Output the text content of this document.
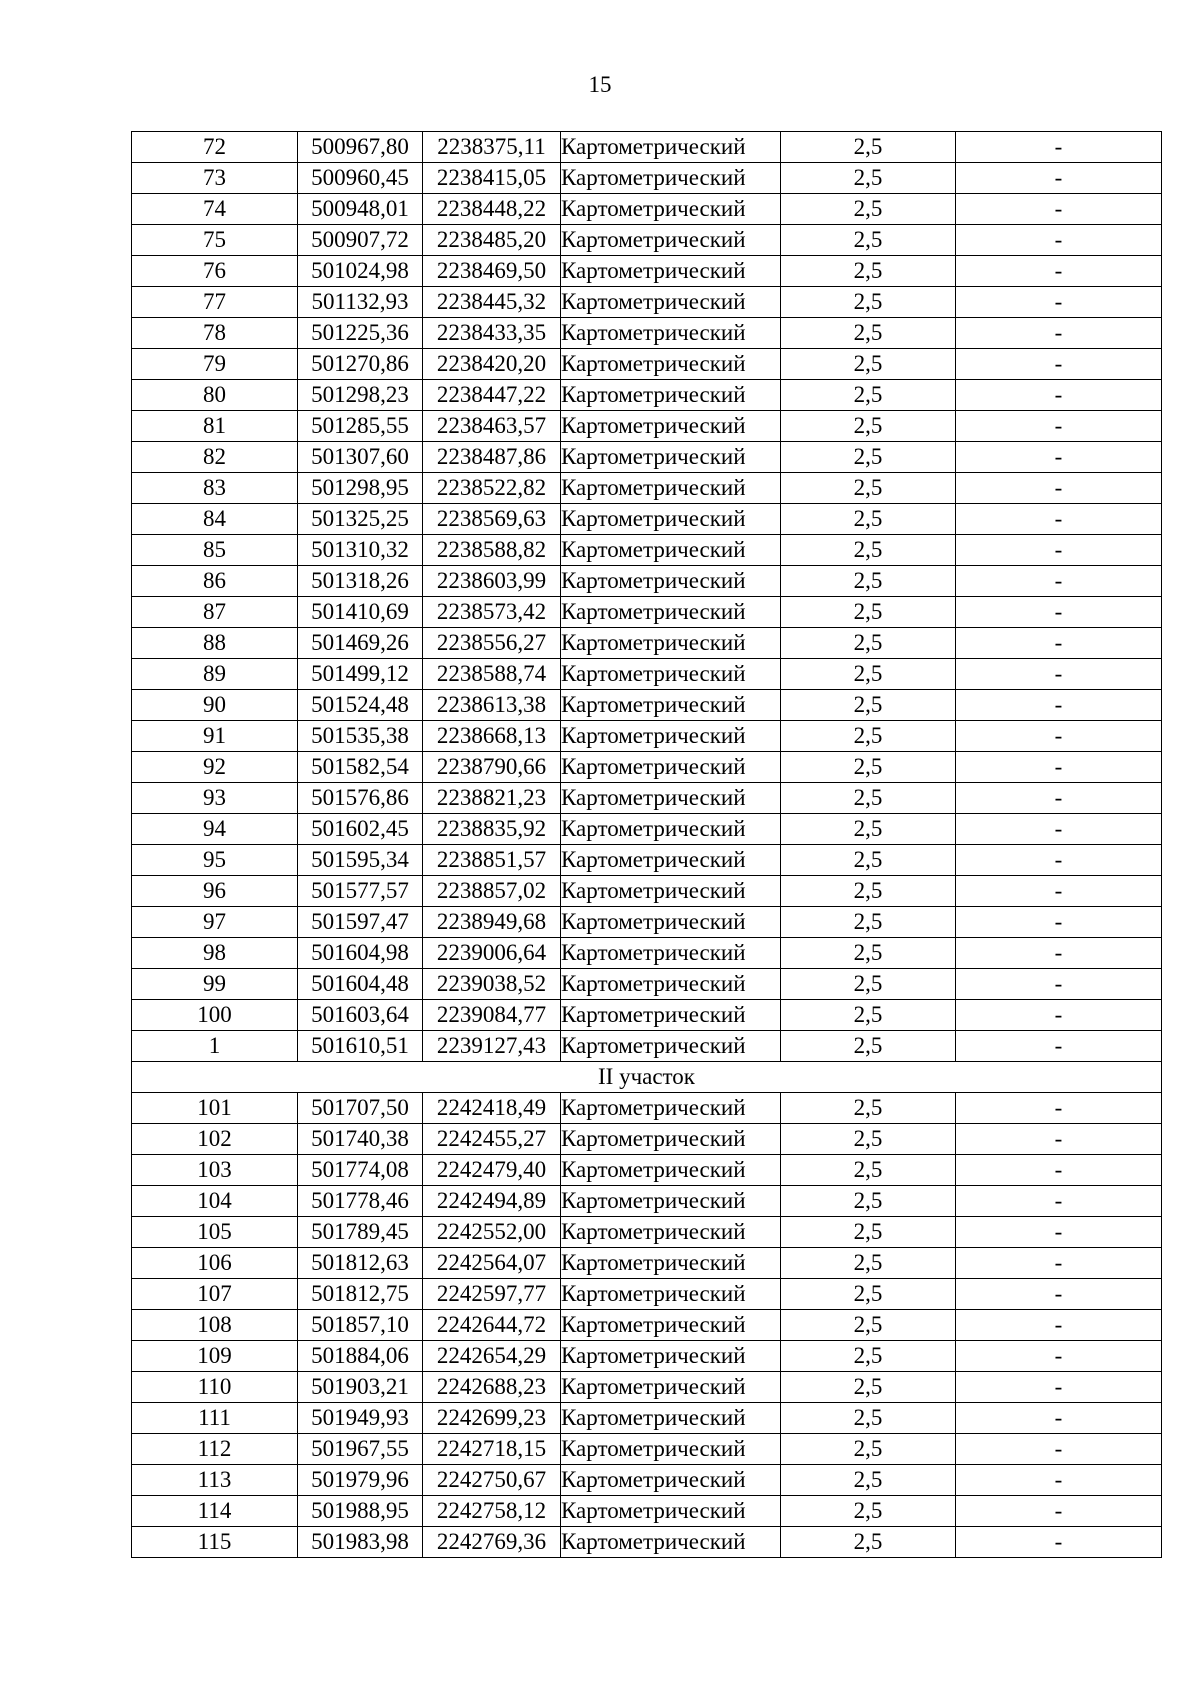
15
72	500967,80	2238375,11	Картометрический	2,5	-
73	500960,45	2238415,05	Картометрический	2,5	-
74	500948,01	2238448,22	Картометрический	2,5	-
75	500907,72	2238485,20	Картометрический	2,5	-
76	501024,98	2238469,50	Картометрический	2,5	-
77	501132,93	2238445,32	Картометрический	2,5	-
78	501225,36	2238433,35	Картометрический	2,5	-
79	501270,86	2238420,20	Картометрический	2,5	-
80	501298,23	2238447,22	Картометрический	2,5	-
81	501285,55	2238463,57	Картометрический	2,5	-
82	501307,60	2238487,86	Картометрический	2,5	-
83	501298,95	2238522,82	Картометрический	2,5	-
84	501325,25	2238569,63	Картометрический	2,5	-
85	501310,32	2238588,82	Картометрический	2,5	-
86	501318,26	2238603,99	Картометрический	2,5	-
87	501410,69	2238573,42	Картометрический	2,5	-
88	501469,26	2238556,27	Картометрический	2,5	-
89	501499,12	2238588,74	Картометрический	2,5	-
90	501524,48	2238613,38	Картометрический	2,5	-
91	501535,38	2238668,13	Картометрический	2,5	-
92	501582,54	2238790,66	Картометрический	2,5	-
93	501576,86	2238821,23	Картометрический	2,5	-
94	501602,45	2238835,92	Картометрический	2,5	-
95	501595,34	2238851,57	Картометрический	2,5	-
96	501577,57	2238857,02	Картометрический	2,5	-
97	501597,47	2238949,68	Картометрический	2,5	-
98	501604,98	2239006,64	Картометрический	2,5	-
99	501604,48	2239038,52	Картометрический	2,5	-
100	501603,64	2239084,77	Картометрический	2,5	-
1	501610,51	2239127,43	Картометрический	2,5	-
II участок					
101	501707,50	2242418,49	Картометрический	2,5	-
102	501740,38	2242455,27	Картометрический	2,5	-
103	501774,08	2242479,40	Картометрический	2,5	-
104	501778,46	2242494,89	Картометрический	2,5	-
105	501789,45	2242552,00	Картометрический	2,5	-
106	501812,63	2242564,07	Картометрический	2,5	-
107	501812,75	2242597,77	Картометрический	2,5	-
108	501857,10	2242644,72	Картометрический	2,5	-
109	501884,06	2242654,29	Картометрический	2,5	-
110	501903,21	2242688,23	Картометрический	2,5	-
111	501949,93	2242699,23	Картометрический	2,5	-
112	501967,55	2242718,15	Картометрический	2,5	-
113	501979,96	2242750,67	Картометрический	2,5	-
114	501988,95	2242758,12	Картометрический	2,5	-
115	501983,98	2242769,36	Картометрический	2,5	-
